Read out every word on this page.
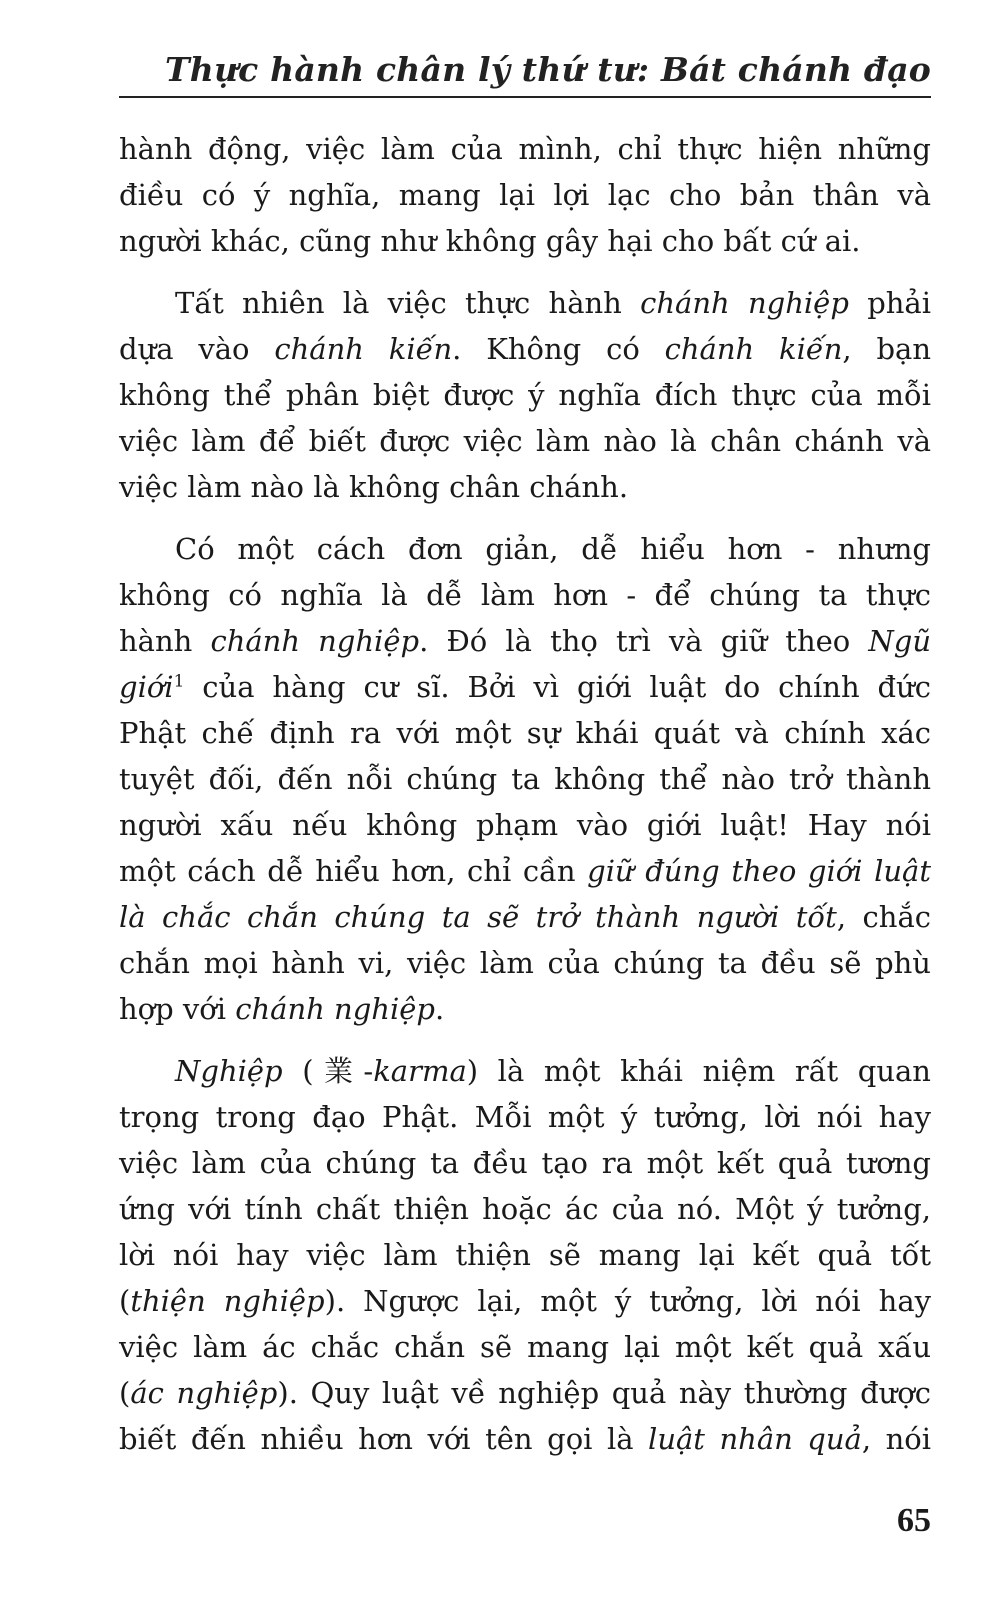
Thực hành chân lý thứ tư: Bát chánh đạo

hành động, việc làm của mình, chỉ thực hiện những
điều có ý nghĩa, mang lại lợi lạc cho bản thân và
người khác, cũng như không gây hại cho bất cứ ai.

Tất nhiên là việc thực hành chánh nghiệp phải
dựa vào chánh kiến. Không có chánh kiến, bạn
không thể phân biệt được ý nghĩa đích thực của mỗi
việc làm để biết được việc làm nào là chân chánh và
việc làm nào là không chân chánh.

Có một cách đơn giản, dễ hiểu hơn - nhưng
không có nghĩa là dễ làm hơn - để chúng ta thực
hành chánh nghiệp. Đó là thọ trì và giữ theo Ngũ
giới$^1$ của hàng cư sĩ. Bởi vì giới luật do chính đức
Phật chế định ra với một sự khái quát và chính xác
tuyệt đối, đến nỗi chúng ta không thể nào trở thành
người xấu nếu không phạm vào giới luật! Hay nói
một cách dễ hiểu hơn, chỉ cần giữ đúng theo giới luật
là chắc chắn chúng ta sẽ trở thành người tốt, chắc
chắn mọi hành vi, việc làm của chúng ta đều sẽ phù
hợp với chánh nghiệp.

Nghiệp (業-karma) là một khái niệm rất quan
trọng trong đạo Phật. Mỗi một ý tưởng, lời nói hay
việc làm của chúng ta đều tạo ra một kết quả tương
ứng với tính chất thiện hoặc ác của nó. Một ý tưởng,
lời nói hay việc làm thiện sẽ mang lại kết quả tốt
(thiện nghiệp). Ngược lại, một ý tưởng, lời nói hay
việc làm ác chắc chắn sẽ mang lại một kết quả xấu
(ác nghiệp). Quy luật về nghiệp quả này thường được
biết đến nhiều hơn với tên gọi là luật nhân quả, nói

65
